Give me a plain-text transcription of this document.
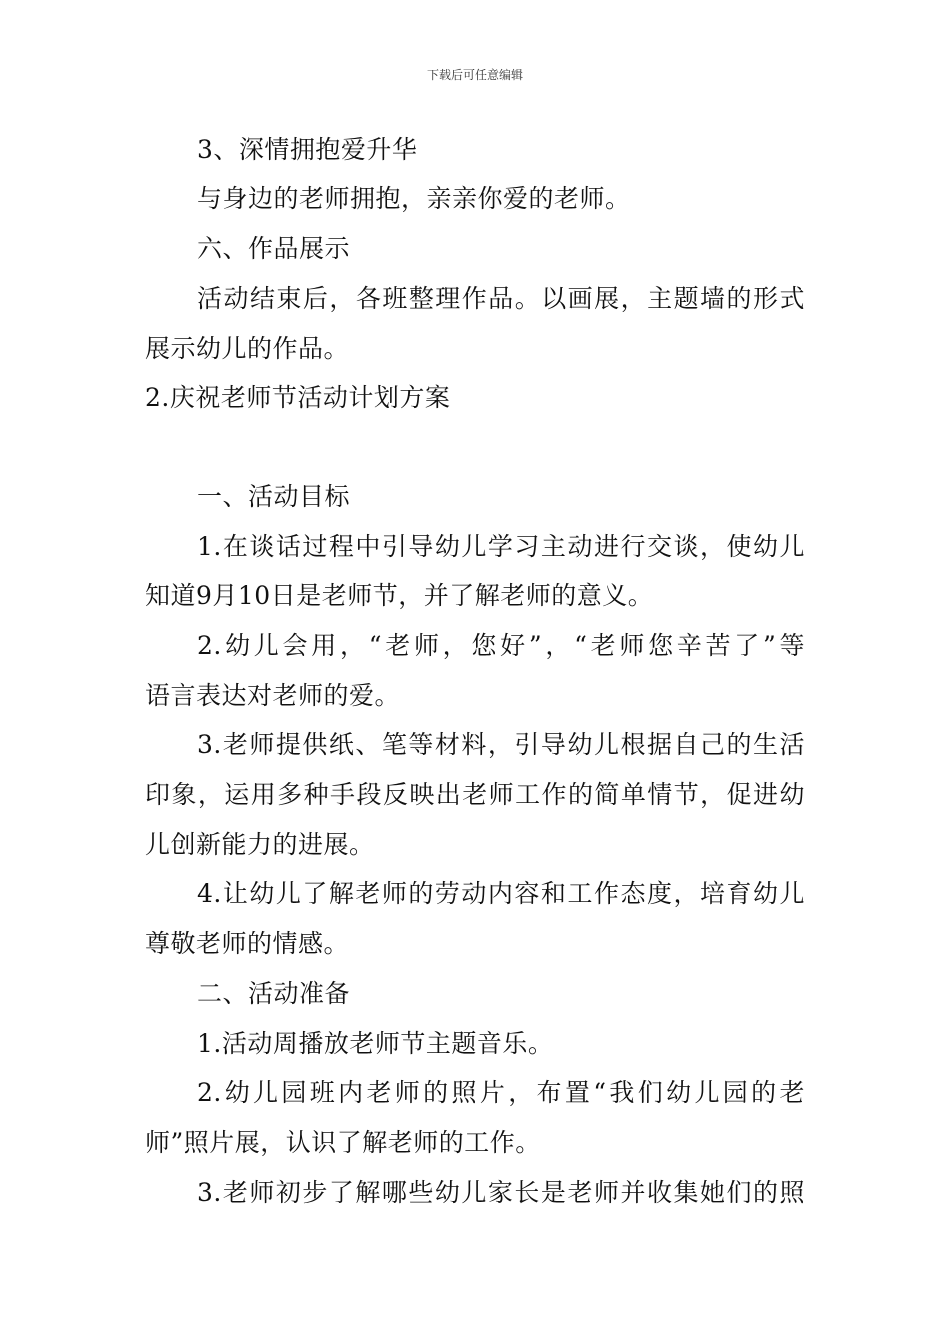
下载后可任意编辑
3、深情拥抱爱升华
与身边的老师拥抱，亲亲你爱的老师。
六、作品展示
活动结束后，各班整理作品。以画展，主题墙的形式
展示幼儿的作品。
2.庆祝老师节活动计划方案
一、活动目标
1.在谈话过程中引导幼儿学习主动进行交谈，使幼儿
知道9月10日是老师节，并了解老师的意义。
2.幼儿会用，“老师，您好”，“老师您辛苦了”等
语言表达对老师的爱。
3.老师提供纸、笔等材料，引导幼儿根据自己的生活
印象，运用多种手段反映出老师工作的简单情节，促进幼
儿创新能力的进展。
4.让幼儿了解老师的劳动内容和工作态度，培育幼儿
尊敬老师的情感。
二、活动准备
1.活动周播放老师节主题音乐。
2.幼儿园班内老师的照片，布置“我们幼儿园的老
师”照片展，认识了解老师的工作。
3.老师初步了解哪些幼儿家长是老师并收集她们的照
